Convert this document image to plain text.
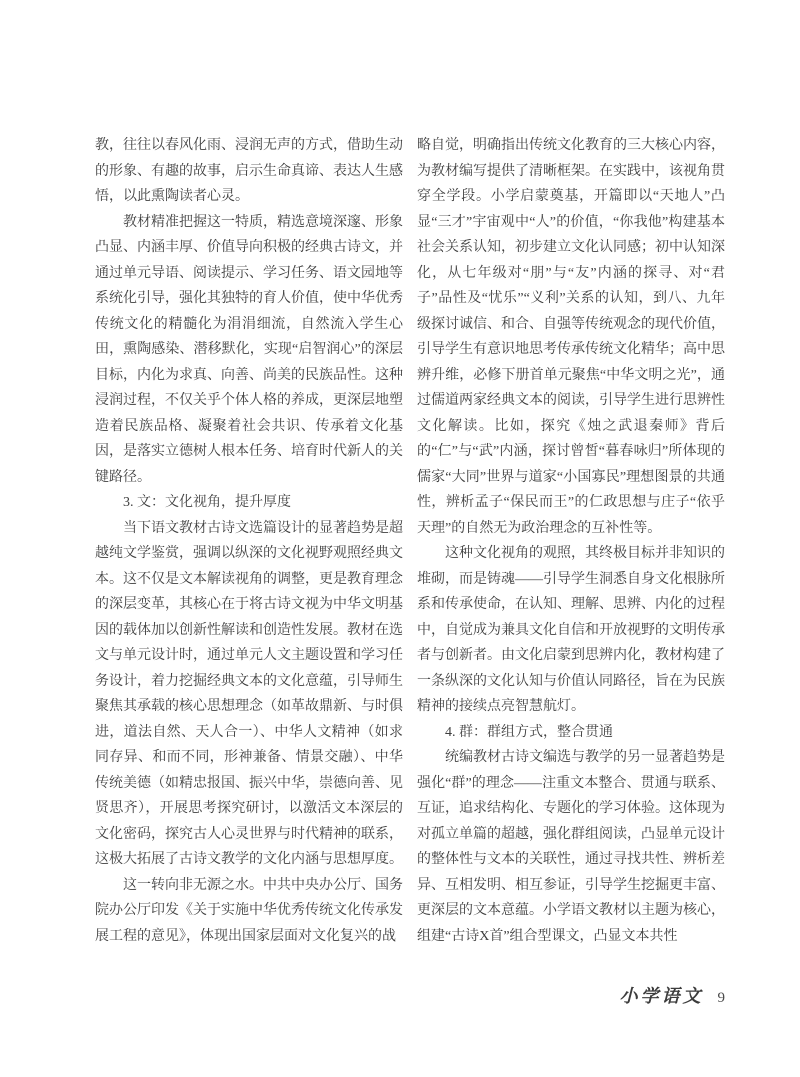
教，往往以春风化雨、浸润无声的方式，借助生动的形象、有趣的故事，启示生命真谛、表达人生感悟，以此熏陶读者心灵。

教材精准把握这一特质，精选意境深邃、形象凸显、内涵丰厚、价值导向积极的经典古诗文，并通过单元导语、阅读提示、学习任务、语文园地等系统化引导，强化其独特的育人价值，使中华优秀传统文化的精髓化为涓涓细流，自然流入学生心田，熏陶感染、潜移默化，实现“启智润心”的深层目标，内化为求真、向善、尚美的民族品性。这种浸润过程，不仅关乎个体人格的养成，更深层地塑造着民族品格、凝聚着社会共识、传承着文化基因，是落实立德树人根本任务、培育时代新人的关键路径。

3. 文：文化视角，提升厚度

当下语文教材古诗文选篇设计的显著趋势是超越纯文学鉴赏，强调以纵深的文化视野观照经典文本。这不仅是文本解读视角的调整，更是教育理念的深层变革，其核心在于将古诗文视为中华文明基因的载体加以创新性解读和创造性发展。教材在选文与单元设计时，通过单元人文主题设置和学习任务设计，着力挖掘经典文本的文化意蕴，引导师生聚焦其承载的核心思想理念（如革故鼎新、与时俱进，道法自然、天人合一）、中华人文精神（如求同存异、和而不同，形神兼备、情景交融）、中华传统美德（如精忠报国、振兴中华，崇德向善、见贤思齐），开展思考探究研讨，以激活文本深层的文化密码，探究古人心灵世界与时代精神的联系，这极大拓展了古诗文教学的文化内涵与思想厚度。

这一转向非无源之水。中共中央办公厅、国务院办公厅印发《关于实施中华优秀传统文化传承发展工程的意见》，体现出国家层面对文化复兴的战

略自觉，明确指出传统文化教育的三大核心内容，为教材编写提供了清晰框架。在实践中，该视角贯穿全学段。小学启蒙奠基，开篇即以“天地人”凸显“三才”宇宙观中“人”的价值，“你我他”构建基本社会关系认知，初步建立文化认同感；初中认知深化，从七年级对“朋”与“友”内涵的探寻、对“君子”品性及“忧乐”“义利”关系的认知，到八、九年级探讨诚信、和合、自强等传统观念的现代价值，引导学生有意识地思考传承传统文化精华；高中思辨升维，必修下册首单元聚焦“中华文明之光”，通过儒道两家经典文本的阅读，引导学生进行思辨性文化解读。比如，探究《烛之武退秦师》背后的“仁”与“武”内涵，探讨曾皙“暮春咏归”所体现的儒家“大同”世界与道家“小国寡民”理想图景的共通性，辨析孟子“保民而王”的仁政思想与庄子“依乎天理”的自然无为政治理念的互补性等。

这种文化视角的观照，其终极目标并非知识的堆砌，而是铸魂——引导学生洞悉自身文化根脉所系和传承使命，在认知、理解、思辨、内化的过程中，自觉成为兼具文化自信和开放视野的文明传承者与创新者。由文化启蒙到思辨内化，教材构建了一条纵深的文化认知与价值认同路径，旨在为民族精神的接续点亮智慧航灯。

4. 群：群组方式，整合贯通

统编教材古诗文编选与教学的另一显著趋势是强化“群”的理念——注重文本整合、贯通与联系、互证，追求结构化、专题化的学习体验。这体现为对孤立单篇的超越，强化群组阅读，凸显单元设计的整体性与文本的关联性，通过寻找共性、辨析差异、互相发明、相互参证，引导学生挖掘更丰富、更深层的文本意蕴。小学语文教材以主题为核心，组建“古诗X首”组合型课文，凸显文本共性

小学语文 9
